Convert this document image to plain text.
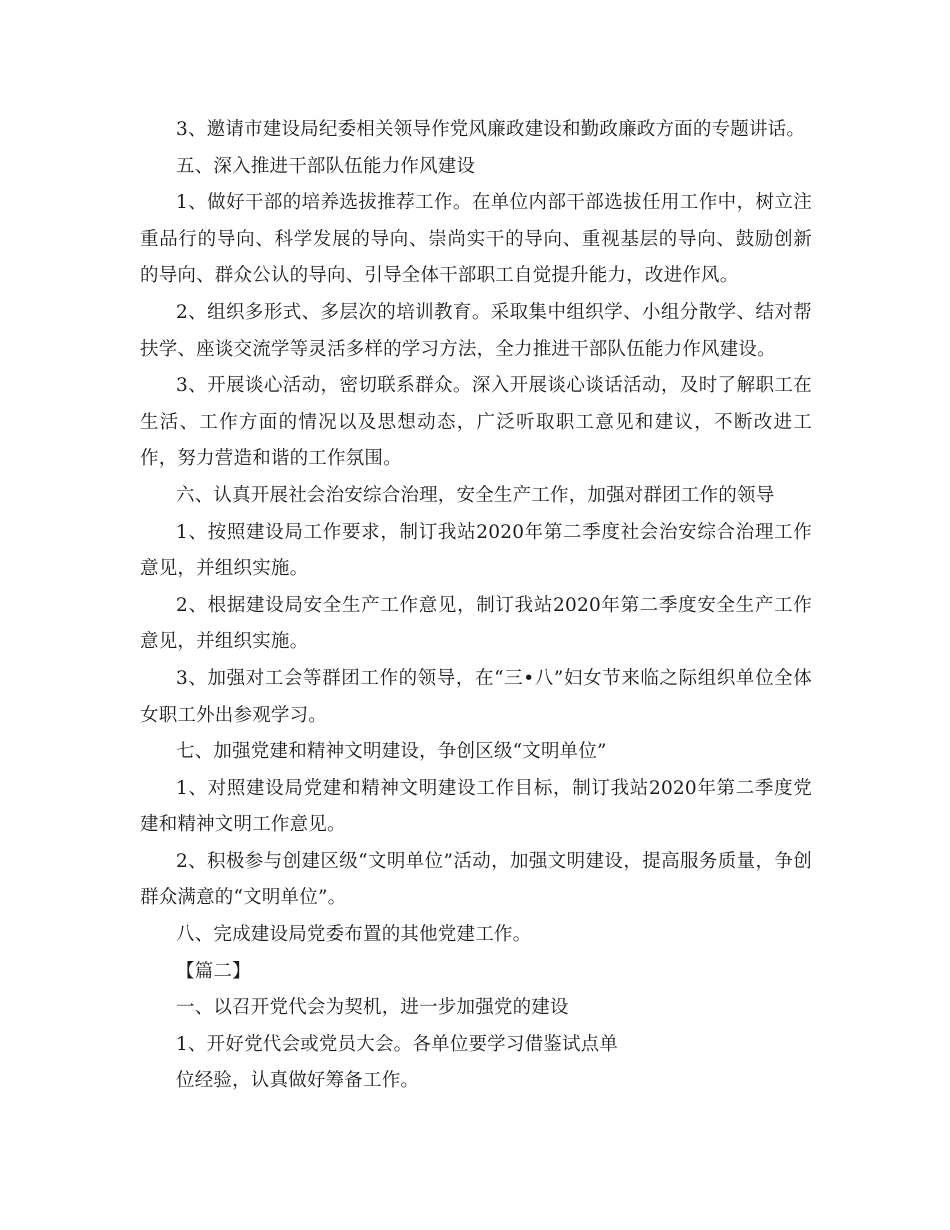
3、邀请市建设局纪委相关领导作党风廉政建设和勤政廉政方面的专题讲话。

五、深入推进干部队伍能力作风建设

1、做好干部的培养选拔推荐工作。在单位内部干部选拔任用工作中，树立注重品行的导向、科学发展的导向、崇尚实干的导向、重视基层的导向、鼓励创新的导向、群众公认的导向、引导全体干部职工自觉提升能力，改进作风。

2、组织多形式、多层次的培训教育。采取集中组织学、小组分散学、结对帮扶学、座谈交流学等灵活多样的学习方法，全力推进干部队伍能力作风建设。

3、开展谈心活动，密切联系群众。深入开展谈心谈话活动，及时了解职工在生活、工作方面的情况以及思想动态，广泛听取职工意见和建议，不断改进工作，努力营造和谐的工作氛围。

六、认真开展社会治安综合治理，安全生产工作，加强对群团工作的领导

1、按照建设局工作要求，制订我站2020年第二季度社会治安综合治理工作意见，并组织实施。

2、根据建设局安全生产工作意见，制订我站2020年第二季度安全生产工作意见，并组织实施。

3、加强对工会等群团工作的领导，在“三•八”妇女节来临之际组织单位全体女职工外出参观学习。

七、加强党建和精神文明建设，争创区级“文明单位”

1、对照建设局党建和精神文明建设工作目标，制订我站2020年第二季度党建和精神文明工作意见。

2、积极参与创建区级“文明单位”活动，加强文明建设，提高服务质量，争创群众满意的“文明单位”。

八、完成建设局党委布置的其他党建工作。

【篇二】

一、以召开党代会为契机，进一步加强党的建设

1、开好党代会或党员大会。各单位要学习借鉴试点单

位经验，认真做好筹备工作。
